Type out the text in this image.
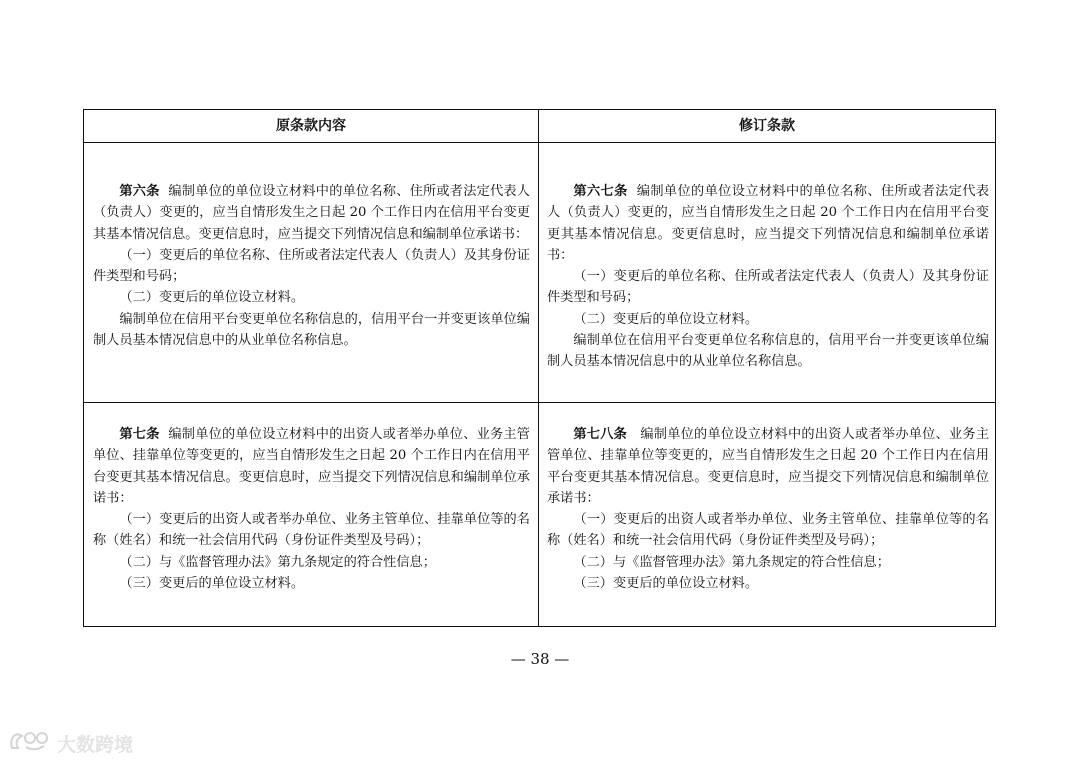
原条款内容	修订条款

第六条 编制单位的单位设立材料中的单位名称、住所或者法定代表人（负责人）变更的，应当自情形发生之日起 20 个工作日内在信用平台变更其基本情况信息。变更信息时，应当提交下列情况信息和编制单位承诺书：

（一）变更后的单位名称、住所或者法定代表人（负责人）及其身份证件类型和号码；

（二）变更后的单位设立材料。

编制单位在信用平台变更单位名称信息的，信用平台一并变更该单位编制人员基本情况信息中的从业单位名称信息。

第六七条 编制单位的单位设立材料中的单位名称、住所或者法定代表人（负责人）变更的，应当自情形发生之日起 20 个工作日内在信用平台变更其基本情况信息。变更信息时，应当提交下列情况信息和编制单位承诺书：

（一）变更后的单位名称、住所或者法定代表人（负责人）及其身份证件类型和号码；

（二）变更后的单位设立材料。

编制单位在信用平台变更单位名称信息的，信用平台一并变更该单位编制人员基本情况信息中的从业单位名称信息。

第七条 编制单位的单位设立材料中的出资人或者举办单位、业务主管单位、挂靠单位等变更的，应当自情形发生之日起 20 个工作日内在信用平台变更其基本情况信息。变更信息时，应当提交下列情况信息和编制单位承诺书：

（一）变更后的出资人或者举办单位、业务主管单位、挂靠单位等的名称（姓名）和统一社会信用代码（身份证件类型及号码）；

（二）与《监督管理办法》第九条规定的符合性信息；

（三）变更后的单位设立材料。

第七八条 编制单位的单位设立材料中的出资人或者举办单位、业务主管单位、挂靠单位等变更的，应当自情形发生之日起 20 个工作日内在信用平台变更其基本情况信息。变更信息时，应当提交下列情况信息和编制单位承诺书：

（一）变更后的出资人或者举办单位、业务主管单位、挂靠单位等的名称（姓名）和统一社会信用代码（身份证件类型及号码）；

（二）与《监督管理办法》第九条规定的符合性信息；

（三）变更后的单位设立材料。

— 38 —
大数跨境
